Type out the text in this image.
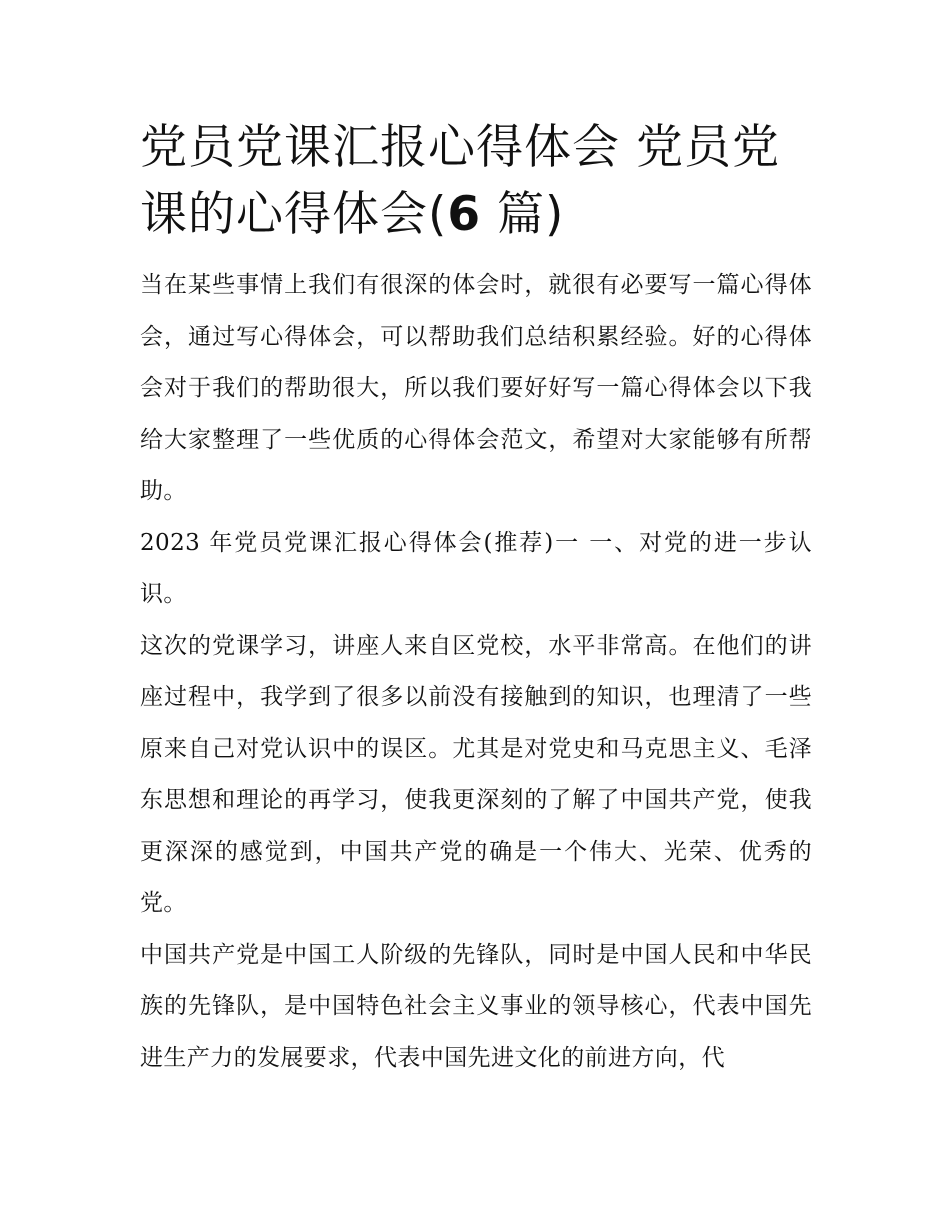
党员党课汇报心得体会 党员党课的心得体会(6 篇)

当在某些事情上我们有很深的体会时，就很有必要写一篇心得体会，通过写心得体会，可以帮助我们总结积累经验。好的心得体会对于我们的帮助很大，所以我们要好好写一篇心得体会以下我给大家整理了一些优质的心得体会范文，希望对大家能够有所帮助。

2023 年党员党课汇报心得体会(推荐)一 一、对党的进一步认识。

这次的党课学习，讲座人来自区党校，水平非常高。在他们的讲座过程中，我学到了很多以前没有接触到的知识，也理清了一些原来自己对党认识中的误区。尤其是对党史和马克思主义、毛泽东思想和理论的再学习，使我更深刻的了解了中国共产党，使我更深深的感觉到，中国共产党的确是一个伟大、光荣、优秀的党。

中国共产党是中国工人阶级的先锋队，同时是中国人民和中华民族的先锋队，是中国特色社会主义事业的领导核心，代表中国先进生产力的发展要求，代表中国先进文化的前进方向，代
